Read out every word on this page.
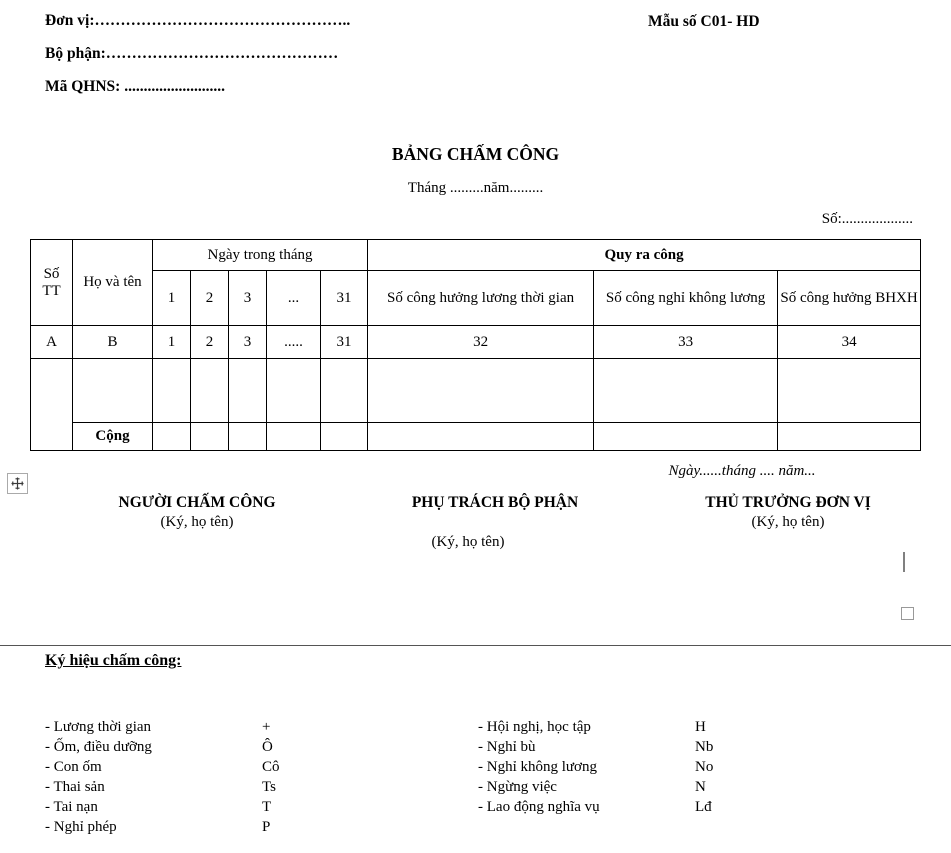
Đơn vị:…………………………………………..
Bộ phận:………………………………………
Mã QHNS: ..........................
Mẫu số C01- HD
BẢNG CHẤM CÔNG
Tháng .........năm.........
Số:...................
Số TT	Họ và tên	Ngày trong tháng					Quy ra công		
		1	2	3	...	31	Số công hưởng lương thời gian	Số công nghỉ không lương	Số công hưởng BHXH
A	B	1	2	3	.....	31	32	33	34

	Cộng								
Ngày......tháng .... năm...
NGƯỜI CHẤM CÔNG
(Ký, họ tên)
PHỤ TRÁCH BỘ PHẬN
(Ký, họ tên)
THỦ TRƯỞNG ĐƠN VỊ
(Ký, họ tên)
Ký hiệu chấm công:
- Lương thời gian	+
- Ốm, điều dưỡng	Ô
- Con ốm	Cô
- Thai sản	Ts
- Tai nạn	T
- Nghỉ phép	P
- Hội nghị, học tập	H
- Nghỉ bù	Nb
- Nghỉ không lương	No
- Ngừng việc	N
- Lao động nghĩa vụ	Lđ
